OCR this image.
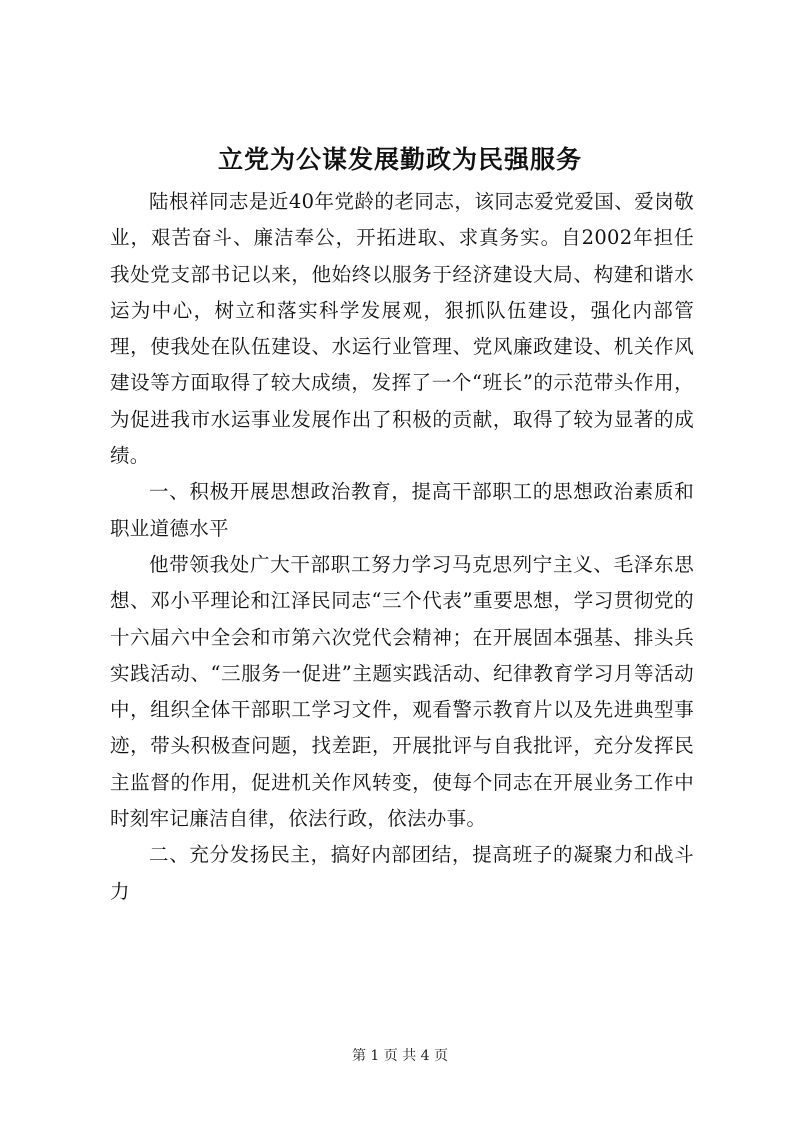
立党为公谋发展勤政为民强服务

陆根祥同志是近40年党龄的老同志，该同志爱党爱国、爱岗敬业，艰苦奋斗、廉洁奉公，开拓进取、求真务实。自2002年担任我处党支部书记以来，他始终以服务于经济建设大局、构建和谐水运为中心，树立和落实科学发展观，狠抓队伍建设，强化内部管理，使我处在队伍建设、水运行业管理、党风廉政建设、机关作风建设等方面取得了较大成绩，发挥了一个“班长”的示范带头作用，为促进我市水运事业发展作出了积极的贡献，取得了较为显著的成绩。

一、积极开展思想政治教育，提高干部职工的思想政治素质和职业道德水平

他带领我处广大干部职工努力学习马克思列宁主义、毛泽东思想、邓小平理论和江泽民同志“三个代表”重要思想，学习贯彻党的十六届六中全会和市第六次党代会精神；在开展固本强基、排头兵实践活动、“三服务一促进”主题实践活动、纪律教育学习月等活动中，组织全体干部职工学习文件，观看警示教育片以及先进典型事迹，带头积极查问题，找差距，开展批评与自我批评，充分发挥民主监督的作用，促进机关作风转变，使每个同志在开展业务工作中时刻牢记廉洁自律，依法行政，依法办事。

二、充分发扬民主，搞好内部团结，提高班子的凝聚力和战斗力

第 1 页 共 4 页
